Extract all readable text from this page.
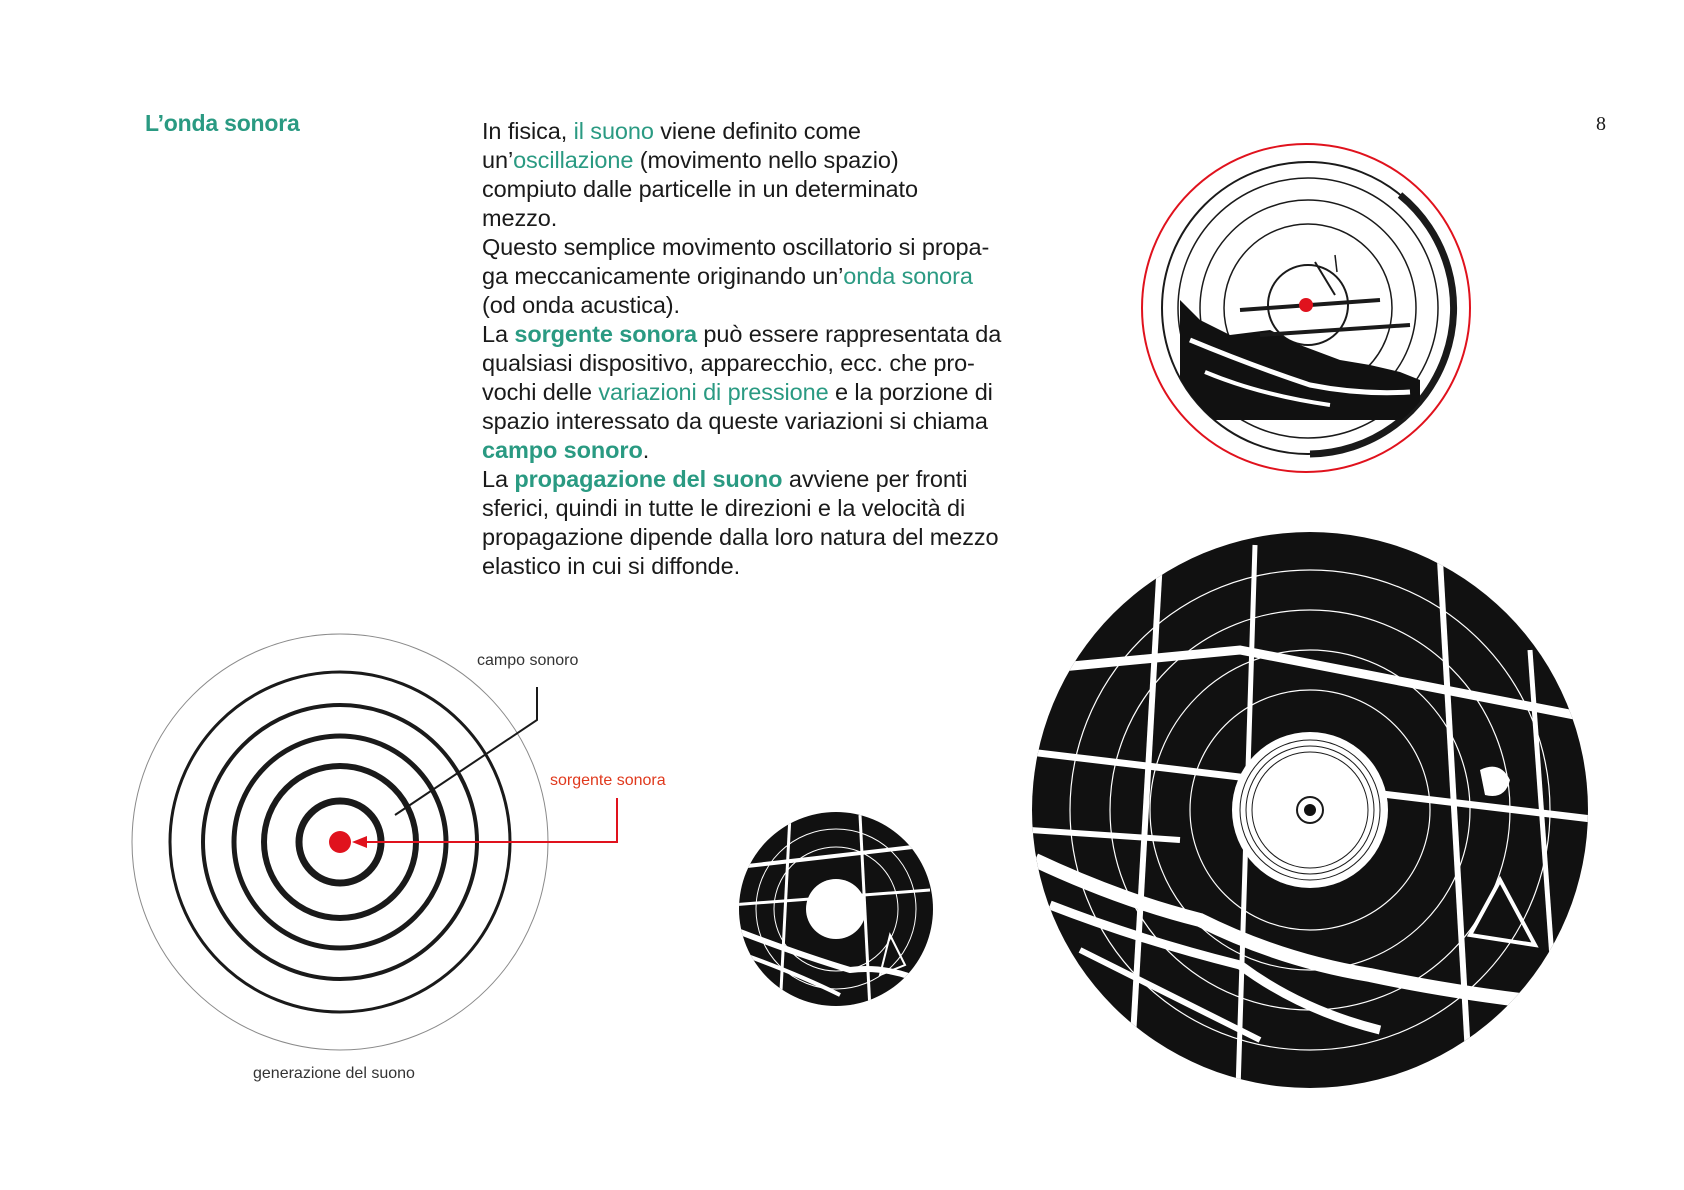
L’onda sonora	8
In fisica, il suono viene definito come
un’oscillazione (movimento nello spazio)
compiuto dalle particelle in un determinato
mezzo.
Questo semplice movimento oscillatorio si propa-
ga meccanicamente originando un’onda sonora
(od onda acustica).
La sorgente sonora può essere rappresentata da
qualsiasi dispositivo, apparecchio, ecc. che pro-
vochi delle variazioni di pressione e la porzione di
spazio interessato da queste variazioni si chiama
campo sonoro.
La propagazione del suono avviene per fronti
sferici, quindi in tutte le direzioni e la velocità di
propagazione dipende dalla loro natura del mezzo
elastico in cui si diffonde.
campo sonoro
sorgente sonora
generazione del suono
